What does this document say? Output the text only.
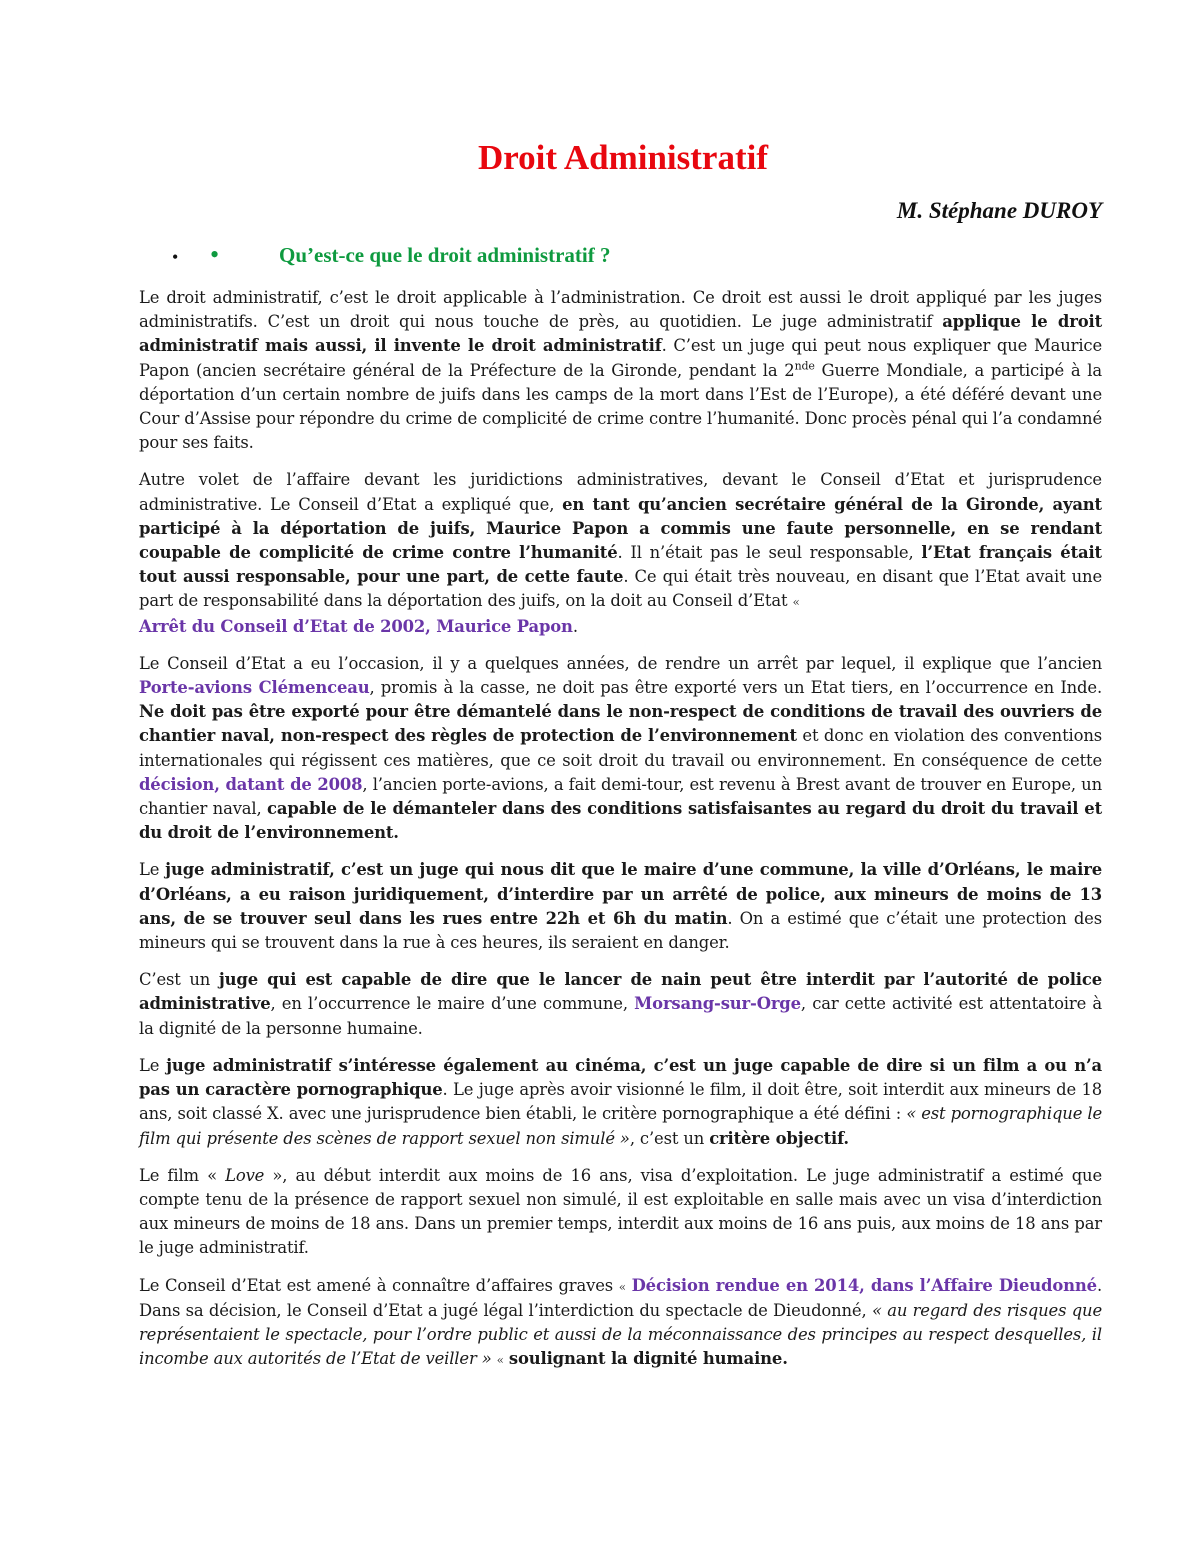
Droit Administratif
M. Stéphane DUROY
• •	Qu’est-ce que le droit administratif ?

Le droit administratif, c’est le droit applicable à l’administration. Ce droit est aussi le droit appliqué par les juges administratifs. C’est un droit qui nous touche de près, au quotidien. Le juge administratif applique le droit administratif mais aussi, il invente le droit administratif. C’est un juge qui peut nous expliquer que Maurice Papon (ancien secrétaire général de la Préfecture de la Gironde, pendant la 2nde Guerre Mondiale, a participé à la déportation d’un certain nombre de juifs dans les camps de la mort dans l’Est de l’Europe), a été déféré devant une Cour d’Assise pour répondre du crime de complicité de crime contre l’humanité. Donc procès pénal qui l’a condamné pour ses faits.

Autre volet de l’affaire devant les juridictions administratives, devant le Conseil d’Etat et jurisprudence administrative. Le Conseil d’Etat a expliqué que, en tant qu’ancien secrétaire général de la Gironde, ayant participé à la déportation de juifs, Maurice Papon a commis une faute personnelle, en se rendant coupable de complicité de crime contre l’humanité. Il n’était pas le seul responsable, l’Etat français était tout aussi responsable, pour une part, de cette faute. Ce qui était très nouveau, en disant que l’Etat avait une part de responsabilité dans la déportation des juifs, on la doit au Conseil d’Etat «
Arrêt du Conseil d’Etat de 2002, Maurice Papon.

Le Conseil d’Etat a eu l’occasion, il y a quelques années, de rendre un arrêt par lequel, il explique que l’ancien Porte-avions Clémenceau, promis à la casse, ne doit pas être exporté vers un Etat tiers, en l’occurrence en Inde. Ne doit pas être exporté pour être démantelé dans le non-respect de conditions de travail des ouvriers de chantier naval, non-respect des règles de protection de l’environnement et donc en violation des conventions internationales qui régissent ces matières, que ce soit droit du travail ou environnement. En conséquence de cette décision, datant de 2008, l’ancien porte-avions, a fait demi-tour, est revenu à Brest avant de trouver en Europe, un chantier naval, capable de le démanteler dans des conditions satisfaisantes au regard du droit du travail et du droit de l’environnement.

Le juge administratif, c’est un juge qui nous dit que le maire d’une commune, la ville d’Orléans, le maire d’Orléans, a eu raison juridiquement, d’interdire par un arrêté de police, aux mineurs de moins de 13 ans, de se trouver seul dans les rues entre 22h et 6h du matin. On a estimé que c’était une protection des mineurs qui se trouvent dans la rue à ces heures, ils seraient en danger.

C’est un juge qui est capable de dire que le lancer de nain peut être interdit par l’autorité de police administrative, en l’occurrence le maire d’une commune, Morsang-sur-Orge, car cette activité est attentatoire à la dignité de la personne humaine.

Le juge administratif s’intéresse également au cinéma, c’est un juge capable de dire si un film a ou n’a pas un caractère pornographique. Le juge après avoir visionné le film, il doit être, soit interdit aux mineurs de 18 ans, soit classé X. avec une jurisprudence bien établi, le critère pornographique a été défini : « est pornographique le film qui présente des scènes de rapport sexuel non simulé », c’est un critère objectif.

Le film « Love », au début interdit aux moins de 16 ans, visa d’exploitation. Le juge administratif a estimé que compte tenu de la présence de rapport sexuel non simulé, il est exploitable en salle mais avec un visa d’interdiction aux mineurs de moins de 18 ans. Dans un premier temps, interdit aux moins de 16 ans puis, aux moins de 18 ans par le juge administratif.

Le Conseil d’Etat est amené à connaître d’affaires graves « Décision rendue en 2014, dans l’Affaire Dieudonné. Dans sa décision, le Conseil d’Etat a jugé légal l’interdiction du spectacle de Dieudonné, « au regard des risques que représentaient le spectacle, pour l’ordre public et aussi de la méconnaissance des principes au respect desquelles, il incombe aux autorités de l’Etat de veiller » « soulignant la dignité humaine.
